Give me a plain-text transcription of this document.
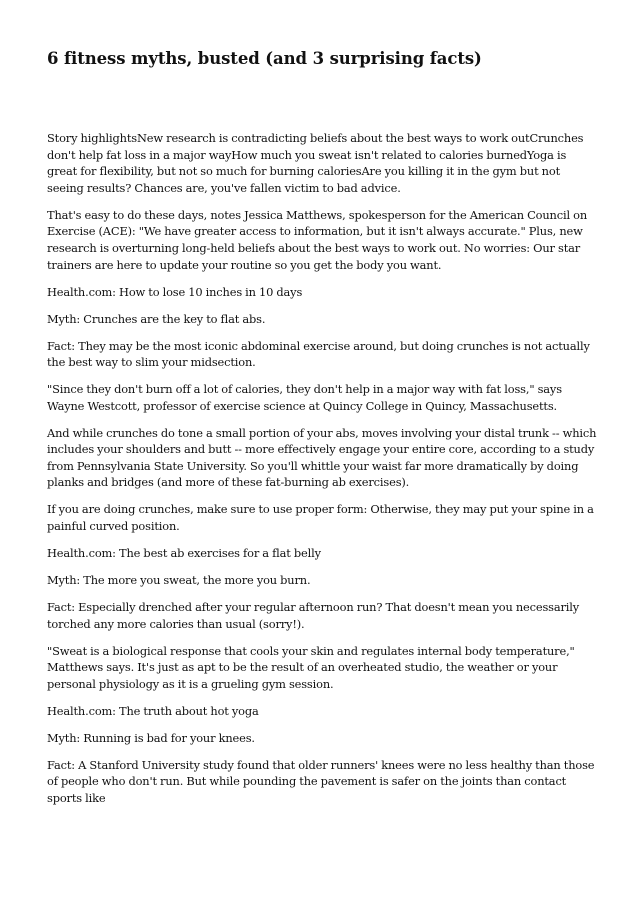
6 fitness myths, busted (and 3 surprising facts)

Story highlightsNew research is contradicting beliefs about the best ways to work outCrunches don't help fat loss in a major wayHow much you sweat isn't related to calories burnedYoga is great for flexibility, but not so much for burning caloriesAre you killing it in the gym but not seeing results? Chances are, you've fallen victim to bad advice.

That's easy to do these days, notes Jessica Matthews, spokesperson for the American Council on Exercise (ACE): "We have greater access to information, but it isn't always accurate." Plus, new research is overturning long-held beliefs about the best ways to work out. No worries: Our star trainers are here to update your routine so you get the body you want.

Health.com: How to lose 10 inches in 10 days

Myth: Crunches are the key to flat abs.

Fact: They may be the most iconic abdominal exercise around, but doing crunches is not actually the best way to slim your midsection.

"Since they don't burn off a lot of calories, they don't help in a major way with fat loss," says Wayne Westcott, professor of exercise science at Quincy College in Quincy, Massachusetts.

And while crunches do tone a small portion of your abs, moves involving your distal trunk -- which includes your shoulders and butt -- more effectively engage your entire core, according to a study from Pennsylvania State University. So you'll whittle your waist far more dramatically by doing planks and bridges (and more of these fat-burning ab exercises).

If you are doing crunches, make sure to use proper form: Otherwise, they may put your spine in a painful curved position.

Health.com: The best ab exercises for a flat belly

Myth: The more you sweat, the more you burn.

Fact: Especially drenched after your regular afternoon run? That doesn't mean you necessarily torched any more calories than usual (sorry!).

"Sweat is a biological response that cools your skin and regulates internal body temperature," Matthews says. It's just as apt to be the result of an overheated studio, the weather or your personal physiology as it is a grueling gym session.

Health.com: The truth about hot yoga

Myth: Running is bad for your knees.

Fact: A Stanford University study found that older runners' knees were no less healthy than those of people who don't run. But while pounding the pavement is safer on the joints than contact sports like
